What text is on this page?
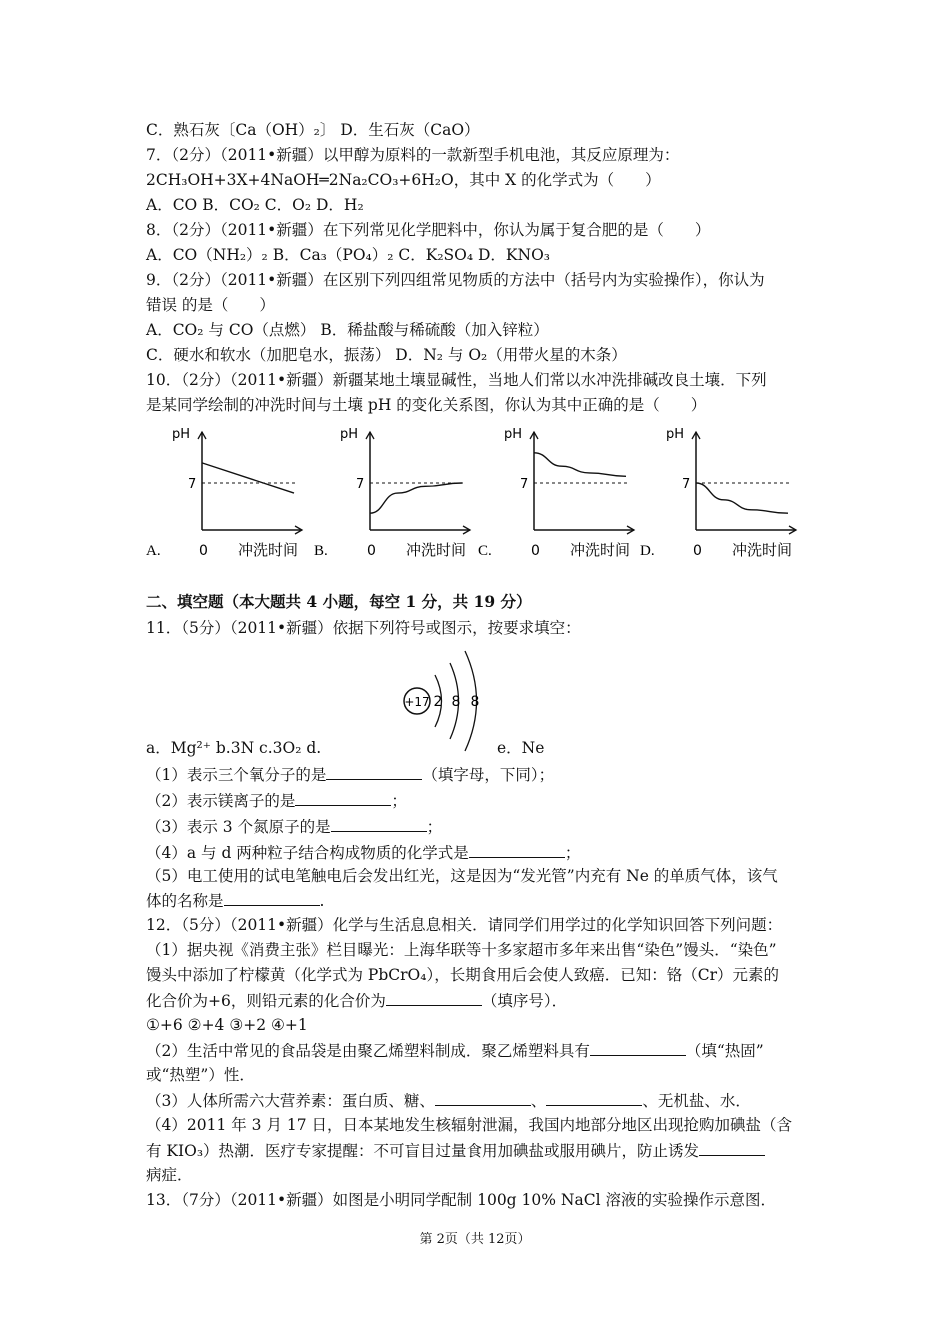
C．熟石灰〔Ca（OH）₂〕 D．生石灰（CaO）
7．（2分）（2011•新疆）以甲醇为原料的一款新型手机电池，其反应原理为：
2CH₃OH+3X+4NaOH═2Na₂CO₃+6H₂O，其中 X 的化学式为（　　）
A．CO B．CO₂ C．O₂ D．H₂
8．（2分）（2011•新疆）在下列常见化学肥料中，你认为属于复合肥的是（　　）
A．CO（NH₂）₂ B．Ca₃（PO₄）₂ C．K₂SO₄ D．KNO₃
9．（2分）（2011•新疆）在区别下列四组常见物质的方法中（括号内为实验操作），你认为
错误 的是（　　）
A．CO₂ 与 CO（点燃） B．稀盐酸与稀硫酸（加入锌粒）
C．硬水和软水（加肥皂水，振荡） D．N₂ 与 O₂（用带火星的木条）
10．（2分）（2011•新疆）新疆某地土壤显碱性，当地人们常以水冲洗排碱改良土壤．下列
是某同学绘制的冲洗时间与土壤 pH 的变化关系图，你认为其中正确的是（　　）
A.
pH
0 冲洗时间
7
B.
pH
0 冲洗时间
7
C.
pH
0 冲洗时间
7
D.
pH
0 冲洗时间
7
二、填空题（本大题共 4 小题，每空 1 分，共 19 分）
11．（5分）（2011•新疆）依据下列符号或图示，按要求填空：
+17 2 8 8
a．Mg²⁺ b.3N c.3O₂ d.	e．Ne
（1）表示三个氧分子的是	（填字母，下同）；
（2）表示镁离子的是	；
（3）表示 3 个氮原子的是	；
（4）a 与 d 两种粒子结合构成物质的化学式是	；
（5）电工使用的试电笔触电后会发出红光，这是因为“发光管”内充有 Ne 的单质气体，该气
体的名称是	.
12．（5分）（2011•新疆）化学与生活息息相关．请同学们用学过的化学知识回答下列问题：
（1）据央视《消费主张》栏目曝光：上海华联等十多家超市多年来出售“染色”馒头．“染色”
馒头中添加了柠檬黄（化学式为 PbCrO₄），长期食用后会使人致癌．已知：铬（Cr）元素的
化合价为+6，则铅元素的化合价为	（填序号）．
①+6 ②+4 ③+2 ④+1
（2）生活中常见的食品袋是由聚乙烯塑料制成．聚乙烯塑料具有	（填“热固”
或“热塑”）性．
（3）人体所需六大营养素：蛋白质、糖、	、	、无机盐、水．
（4）2011 年 3 月 17 日，日本某地发生核辐射泄漏，我国内地部分地区出现抢购加碘盐（含
有 KIO₃）热潮．医疗专家提醒：不可盲目过量食用加碘盐或服用碘片，防止诱发
病症．
13．（7分）（2011•新疆）如图是小明同学配制 100g 10% NaCl 溶液的实验操作示意图．
第 2页（共 12页）
